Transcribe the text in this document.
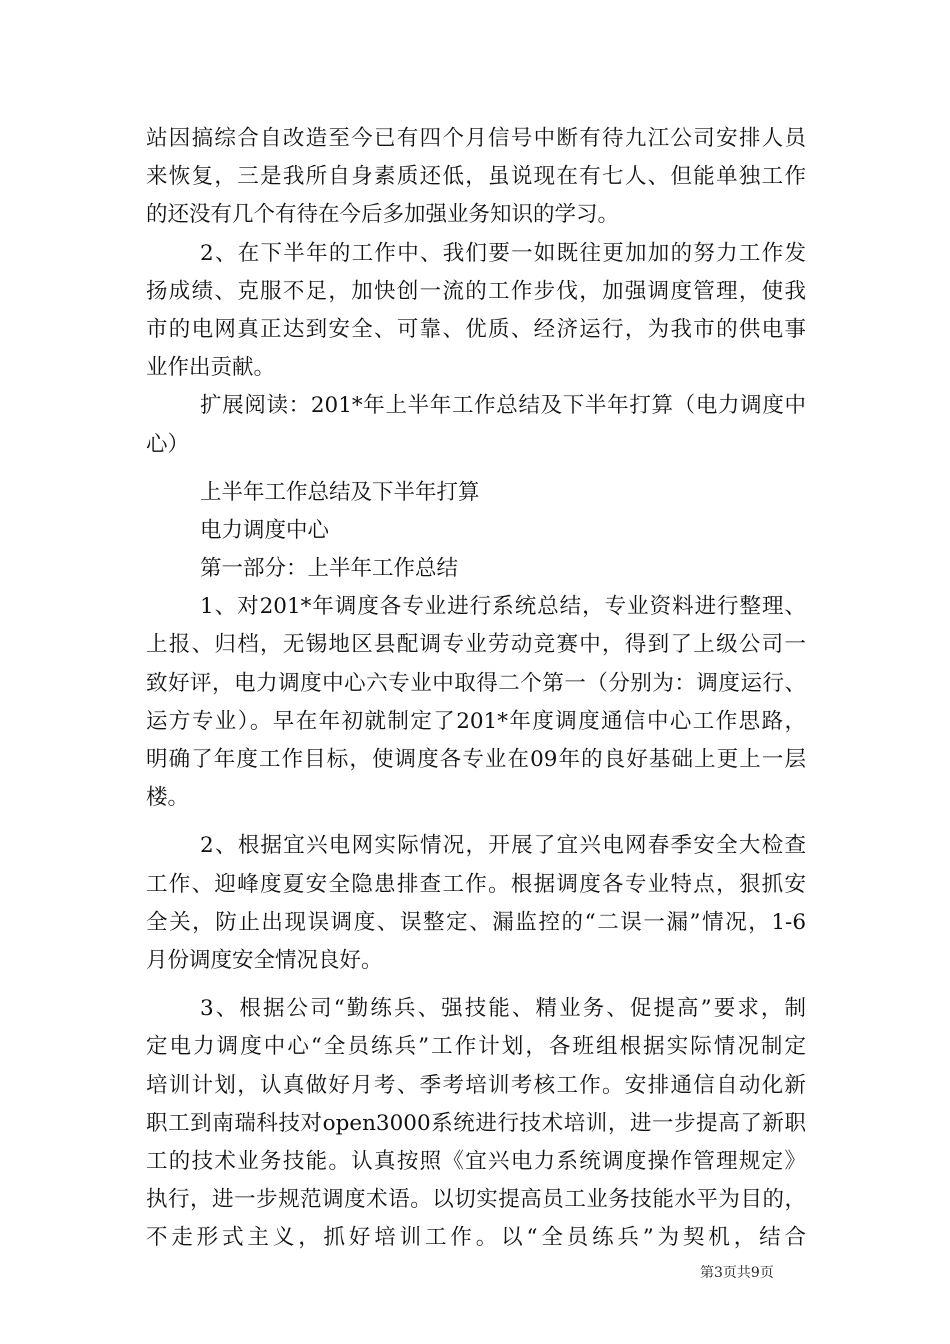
站因搞综合自改造至今已有四个月信号中断有待九江公司安排人员
来恢复，三是我所自身素质还低，虽说现在有七人、但能单独工作
的还没有几个有待在今后多加强业务知识的学习。
2、在下半年的工作中、我们要一如既往更加加的努力工作发
扬成绩、克服不足，加快创一流的工作步伐，加强调度管理，使我
市的电网真正达到安全、可靠、优质、经济运行，为我市的供电事
业作出贡献。
扩展阅读：201*年上半年工作总结及下半年打算（电力调度中
心）
上半年工作总结及下半年打算
电力调度中心
第一部分：上半年工作总结
1、对201*年调度各专业进行系统总结，专业资料进行整理、
上报、归档，无锡地区县配调专业劳动竞赛中，得到了上级公司一
致好评，电力调度中心六专业中取得二个第一（分别为：调度运行、
运方专业）。早在年初就制定了201*年度调度通信中心工作思路，
明确了年度工作目标，使调度各专业在09年的良好基础上更上一层
楼。
2、根据宜兴电网实际情况，开展了宜兴电网春季安全大检查
工作、迎峰度夏安全隐患排查工作。根据调度各专业特点，狠抓安
全关，防止出现误调度、误整定、漏监控的“二误一漏”情况，1-6
月份调度安全情况良好。
3、根据公司“勤练兵、强技能、精业务、促提高”要求，制
定电力调度中心“全员练兵”工作计划，各班组根据实际情况制定
培训计划，认真做好月考、季考培训考核工作。安排通信自动化新
职工到南瑞科技对open3000系统进行技术培训，进一步提高了新职
工的技术业务技能。认真按照《宜兴电力系统调度操作管理规定》
执行，进一步规范调度术语。以切实提高员工业务技能水平为目的，
不走形式主义，抓好培训工作。以“全员练兵”为契机，结合
第3页共9页
